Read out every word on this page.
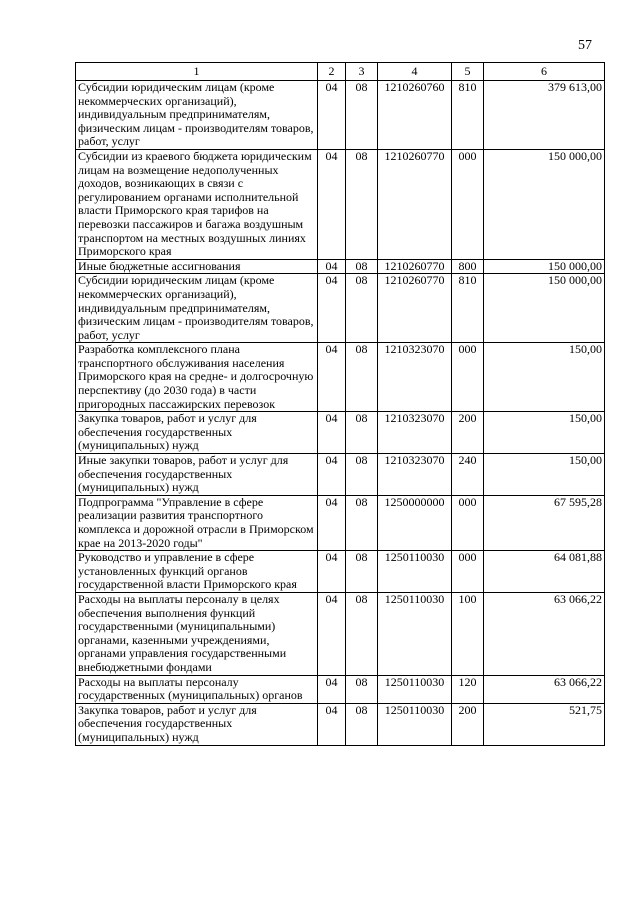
57
1	2	3	4	5	6
Субсидии юридическим лицам (кроме некоммерческих организаций), индивидуальным предпринимателям, физическим лицам - производителям товаров, работ, услуг	04	08	1210260760	810	379 613,00
Субсидии из краевого бюджета юридическим лицам на возмещение недополученных доходов, возникающих в связи с регулированием органами исполнительной власти Приморского края тарифов на перевозки пассажиров и багажа воздушным транспортом на местных воздушных линиях Приморского края	04	08	1210260770	000	150 000,00
Иные бюджетные ассигнования	04	08	1210260770	800	150 000,00
Субсидии юридическим лицам (кроме некоммерческих организаций), индивидуальным предпринимателям, физическим лицам - производителям товаров, работ, услуг	04	08	1210260770	810	150 000,00
Разработка комплексного плана транспортного обслуживания населения Приморского края на средне- и долгосрочную перспективу (до 2030 года) в части пригородных пассажирских перевозок	04	08	1210323070	000	150,00
Закупка товаров, работ и услуг для обеспечения государственных (муниципальных) нужд	04	08	1210323070	200	150,00
Иные закупки товаров, работ и услуг для обеспечения государственных (муниципальных) нужд	04	08	1210323070	240	150,00
Подпрограмма "Управление в сфере реализации развития транспортного комплекса и дорожной отрасли в Приморском крае на 2013-2020 годы"	04	08	1250000000	000	67 595,28
Руководство и управление в сфере установленных функций органов государственной власти Приморского края	04	08	1250110030	000	64 081,88
Расходы на выплаты персоналу в целях обеспечения выполнения функций государственными (муниципальными) органами, казенными учреждениями, органами управления государственными внебюджетными фондами	04	08	1250110030	100	63 066,22
Расходы на выплаты персоналу государственных (муниципальных) органов	04	08	1250110030	120	63 066,22
Закупка товаров, работ и услуг для обеспечения государственных (муниципальных) нужд	04	08	1250110030	200	521,75
